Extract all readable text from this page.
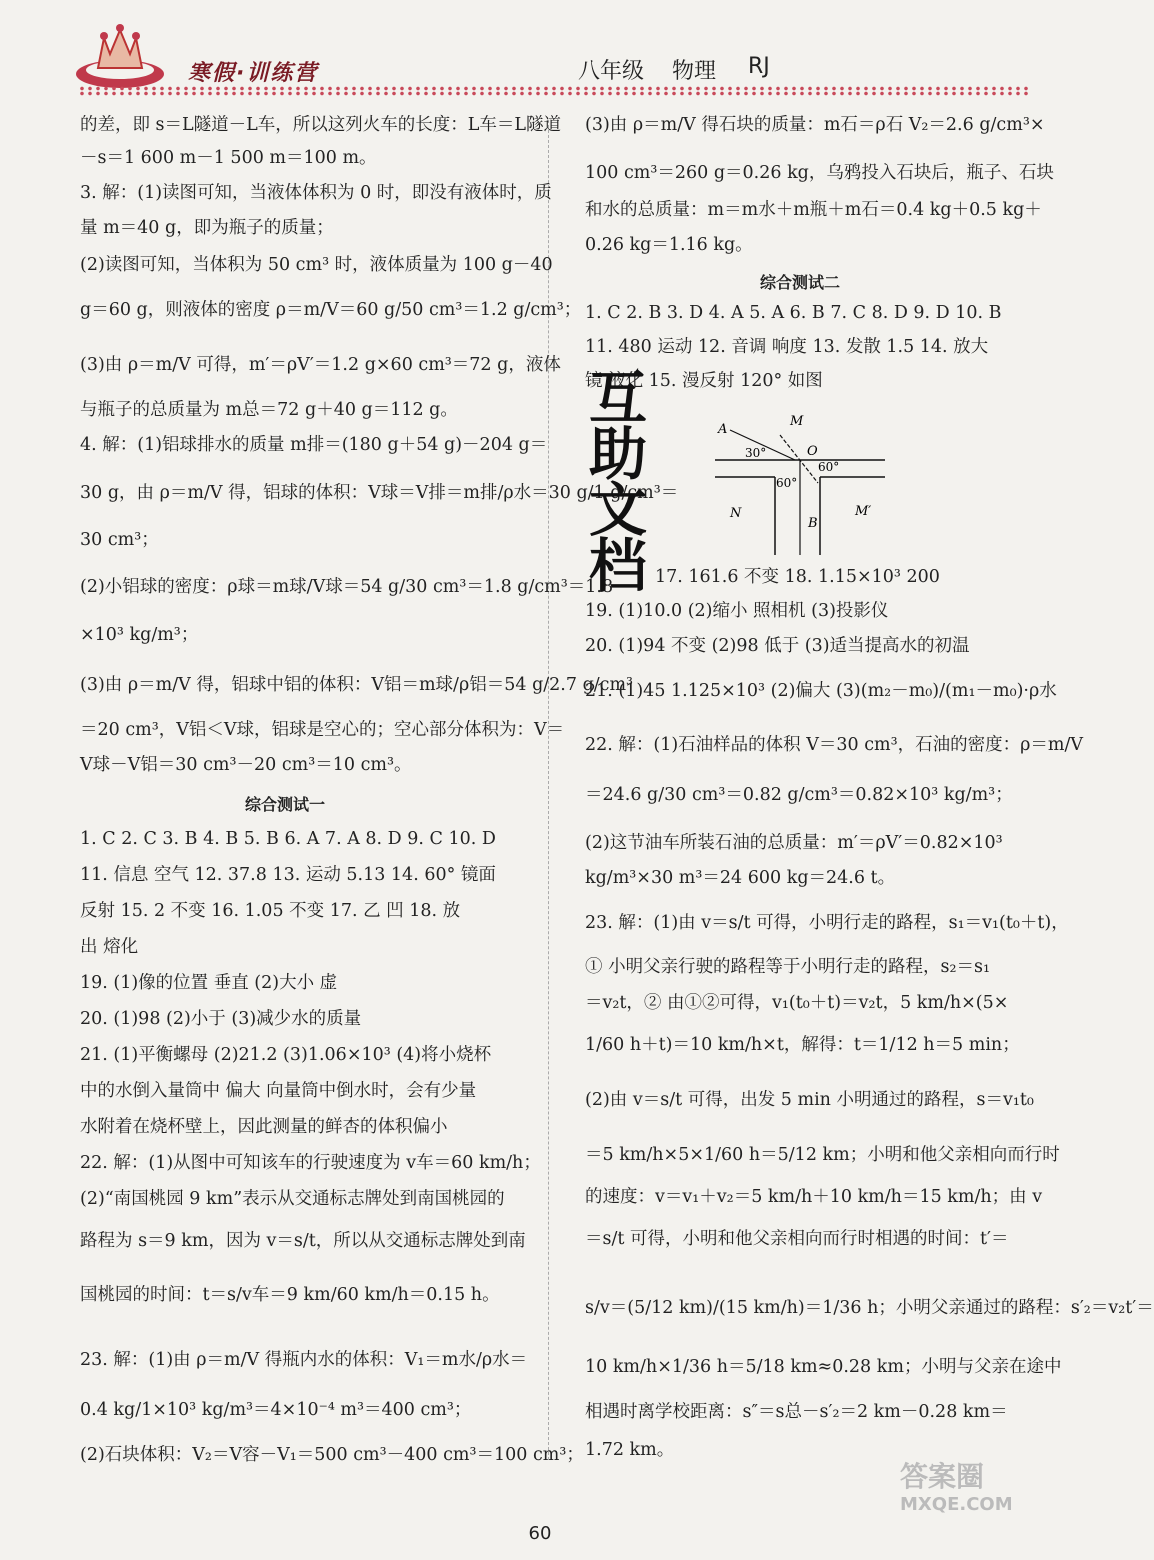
寒假·训练营	八年级 物理 RJ
的差，即 s＝L隧道－L车，所以这列火车的长度：L车＝L隧道
－s＝1 600 m－1 500 m＝100 m。
3. 解：(1)读图可知，当液体体积为 0 时，即没有液体时，质
量 m＝40 g，即为瓶子的质量；
(2)读图可知，当体积为 50 cm³ 时，液体质量为 100 g－40
g＝60 g，则液体的密度 ρ＝m/V＝60 g/50 cm³＝1.2 g/cm³；
(3)由 ρ＝m/V 可得，m′＝ρV′＝1.2 g×60 cm³＝72 g，液体
与瓶子的总质量为 m总＝72 g＋40 g＝112 g。
4. 解：(1)铝球排水的质量 m排＝(180 g＋54 g)－204 g＝
30 g，由 ρ＝m/V 得，铝球的体积：V球＝V排＝m排/ρ水＝30 g/1 g/cm³＝
30 cm³；
(2)小铝球的密度：ρ球＝m球/V球＝54 g/30 cm³＝1.8 g/cm³＝1.8
×10³ kg/m³；
(3)由 ρ＝m/V 得，铝球中铝的体积：V铝＝m球/ρ铝＝54 g/2.7 g/cm³
＝20 cm³，V铝＜V球，铝球是空心的；空心部分体积为：V＝
V球－V铝＝30 cm³－20 cm³＝10 cm³。
综合测试一
1. C 2. C 3. B 4. B 5. B 6. A 7. A 8. D 9. C 10. D
11. 信息 空气 12. 37.8 13. 运动 5.13 14. 60° 镜面
反射 15. 2 不变 16. 1.05 不变 17. 乙 凹 18. 放
出 熔化
19. (1)像的位置 垂直 (2)大小 虚
20. (1)98 (2)小于 (3)减少水的质量
21. (1)平衡螺母 (2)21.2 (3)1.06×10³ (4)将小烧杯
中的水倒入量筒中 偏大 向量筒中倒水时，会有少量
水附着在烧杯壁上，因此测量的鲜杏的体积偏小
22. 解：(1)从图中可知该车的行驶速度为 v车＝60 km/h；
(2)“南国桃园 9 km”表示从交通标志牌处到南国桃园的
路程为 s＝9 km，因为 v＝s/t，所以从交通标志牌处到南
国桃园的时间：t＝s/v车＝9 km/60 km/h＝0.15 h。
23. 解：(1)由 ρ＝m/V 得瓶内水的体积：V₁＝m水/ρ水＝
0.4 kg/1×10³ kg/m³＝4×10⁻⁴ m³＝400 cm³；
(2)石块体积：V₂＝V容－V₁＝500 cm³－400 cm³＝100 cm³；
(3)由 ρ＝m/V 得石块的质量：m石＝ρ石 V₂＝2.6 g/cm³×
100 cm³＝260 g＝0.26 kg，乌鸦投入石块后，瓶子、石块
和水的总质量：m＝m水＋m瓶＋m石＝0.4 kg＋0.5 kg＋
0.26 kg＝1.16 kg。
综合测试二
1. C 2. B 3. D 4. A 5. A 6. B 7. C 8. D 9. D 10. B
11. 480 运动 12. 音调 响度 13. 发散 1.5 14. 放大
镜 液化 15. 漫反射 120° 如图
17. 161.6 不变 18. 1.15×10³ 200
19. (1)10.0 (2)缩小 照相机 (3)投影仪
20. (1)94 不变 (2)98 低于 (3)适当提高水的初温
21. (1)45 1.125×10³ (2)偏大 (3)(m₂－m₀)/(m₁－m₀)·ρ水
22. 解：(1)石油样品的体积 V＝30 cm³，石油的密度：ρ＝m/V
＝24.6 g/30 cm³＝0.82 g/cm³＝0.82×10³ kg/m³；
(2)这节油车所装石油的总质量：m′＝ρV′＝0.82×10³
kg/m³×30 m³＝24 600 kg＝24.6 t。
23. 解：(1)由 v＝s/t 可得，小明行走的路程，s₁＝v₁(t₀＋t)，
① 小明父亲行驶的路程等于小明行走的路程，s₂＝s₁
＝v₂t，② 由①②可得，v₁(t₀＋t)＝v₂t，5 km/h×(5×
1/60 h＋t)＝10 km/h×t，解得：t＝1/12 h＝5 min；
(2)由 v＝s/t 可得，出发 5 min 小明通过的路程，s＝v₁t₀
＝5 km/h×5×1/60 h＝5/12 km；小明和他父亲相向而行时
的速度：v＝v₁＋v₂＝5 km/h＋10 km/h＝15 km/h；由 v
＝s/t 可得，小明和他父亲相向而行时相遇的时间：t′＝
s/v＝(5/12 km)/(15 km/h)＝1/36 h；小明父亲通过的路程：s′₂＝v₂t′＝
10 km/h×1/36 h＝5/18 km≈0.28 km；小明与父亲在途中
相遇时离学校距离：s″＝s总－s′₂＝2 km－0.28 km＝
1.72 km。
互
助
文
档
A
M
O
N
B
M′
30°
60°
60°
60
答案圈
MXQE.COM
